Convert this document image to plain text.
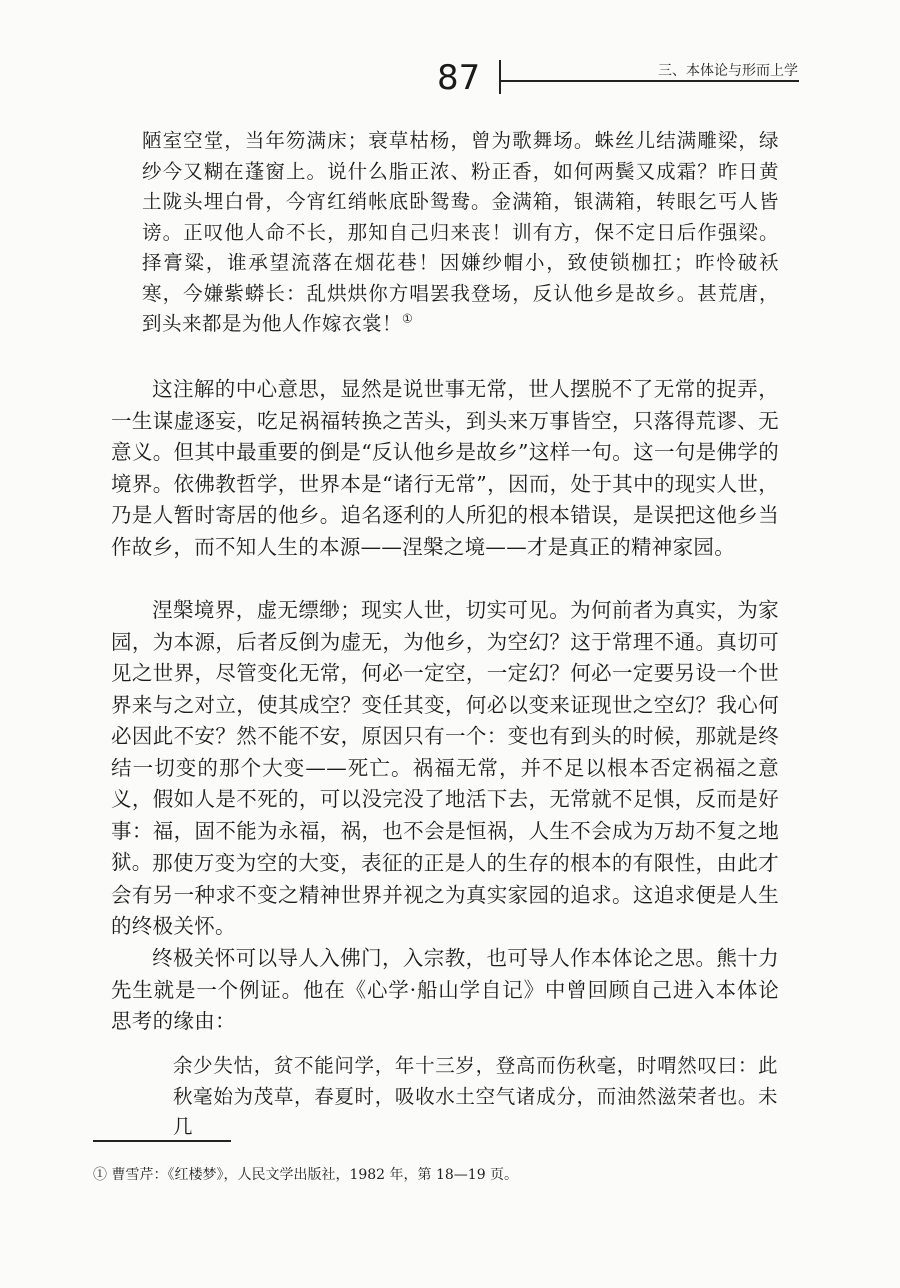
87	三、本体论与形而上学

陋室空堂，当年笏满床；衰草枯杨，曾为歌舞场。蛛丝儿结满雕梁，绿纱今又糊在蓬窗上。说什么脂正浓、粉正香，如何两鬓又成霜？昨日黄土陇头埋白骨，今宵红绡帐底卧鸳鸯。金满箱，银满箱，转眼乞丐人皆谤。正叹他人命不长，那知自己归来丧！训有方，保不定日后作强梁。择膏粱，谁承望流落在烟花巷！因嫌纱帽小，致使锁枷扛；昨怜破袄寒，今嫌紫蟒长：乱烘烘你方唱罢我登场，反认他乡是故乡。甚荒唐，到头来都是为他人作嫁衣裳！①

这注解的中心意思，显然是说世事无常，世人摆脱不了无常的捉弄，一生谋虚逐妄，吃足祸福转换之苦头，到头来万事皆空，只落得荒谬、无意义。但其中最重要的倒是“反认他乡是故乡”这样一句。这一句是佛学的境界。依佛教哲学，世界本是“诸行无常”，因而，处于其中的现实人世，乃是人暂时寄居的他乡。追名逐利的人所犯的根本错误，是误把这他乡当作故乡，而不知人生的本源——涅槃之境——才是真正的精神家园。

涅槃境界，虚无缥缈；现实人世，切实可见。为何前者为真实，为家园，为本源，后者反倒为虚无，为他乡，为空幻？这于常理不通。真切可见之世界，尽管变化无常，何必一定空，一定幻？何必一定要另设一个世界来与之对立，使其成空？变任其变，何必以变来证现世之空幻？我心何必因此不安？然不能不安，原因只有一个：变也有到头的时候，那就是终结一切变的那个大变——死亡。祸福无常，并不足以根本否定祸福之意义，假如人是不死的，可以没完没了地活下去，无常就不足惧，反而是好事：福，固不能为永福，祸，也不会是恒祸，人生不会成为万劫不复之地狱。 那使万变为空的大变，表征的正是人的生存的根本的有限性，由此才会有另一种求不变之精神世界并视之为真实家园的追求。这追求便是人生的终极关怀。

终极关怀可以导人入佛门，入宗教，也可导人作本体论之思。熊十力先生就是一个例证。他在《心学·船山学自记》中曾回顾自己进入本体论思考的缘由：

余少失怙，贫不能问学，年十三岁，登高而伤秋毫，时喟然叹曰：此秋毫始为茂草，春夏时，吸收水土空气诸成分，而油然滋荣者也。未几

① 曹雪芹：《红楼梦》，人民文学出版社，1982 年，第 18—19 页。
